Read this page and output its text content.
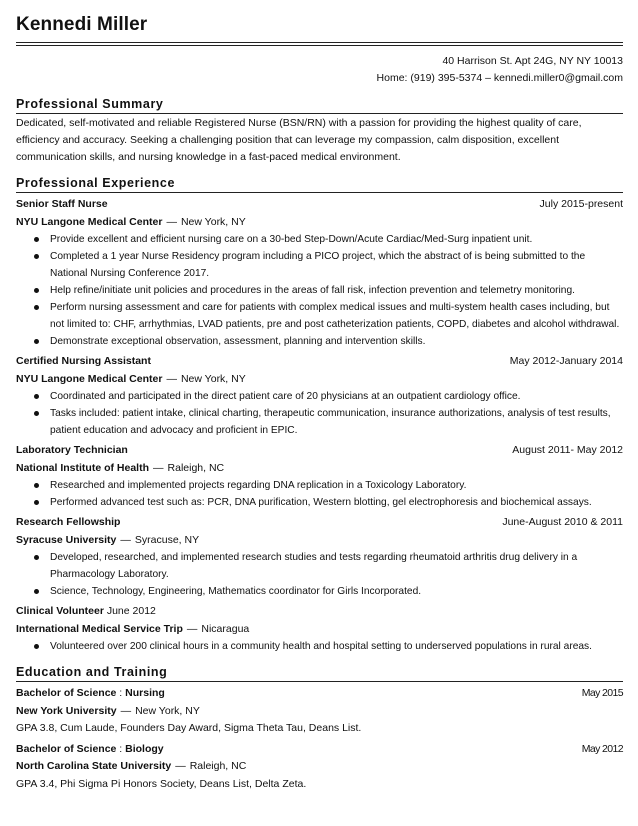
Kennedi Miller
40 Harrison St. Apt 24G, NY NY 10013
Home: (919) 395-5374 – kennedi.miller0@gmail.com
Professional Summary
Dedicated, self-motivated and reliable Registered Nurse (BSN/RN) with a passion for providing the highest quality of care, efficiency and accuracy. Seeking a challenging position that can leverage my compassion, calm disposition, excellent communication skills, and nursing knowledge in a fast-paced medical environment.
Professional Experience
Senior Staff Nurse	July 2015-present
NYU Langone Medical Center — New York, NY
Provide excellent and efficient nursing care on a 30-bed Step-Down/Acute Cardiac/Med-Surg inpatient unit.
Completed a 1 year Nurse Residency program including a PICO project, which the abstract of is being submitted to the National Nursing Conference 2017.
Help refine/initiate unit policies and procedures in the areas of fall risk, infection prevention and telemetry monitoring.
Perform nursing assessment and care for patients with complex medical issues and multi-system health cases including, but not limited to: CHF, arrhythmias, LVAD patients, pre and post catheterization patients, COPD, diabetes and alcohol withdrawal.
Demonstrate exceptional observation, assessment, planning and intervention skills.
Certified Nursing Assistant	May 2012-January 2014
NYU Langone Medical Center — New York, NY
Coordinated and participated in the direct patient care of 20 physicians at an outpatient cardiology office.
Tasks included: patient intake, clinical charting, therapeutic communication, insurance authorizations, analysis of test results, patient education and advocacy and proficient in EPIC.
Laboratory Technician	August 2011- May 2012
National Institute of Health — Raleigh, NC
Researched and implemented projects regarding DNA replication in a Toxicology Laboratory.
Performed advanced test such as: PCR, DNA purification, Western blotting, gel electrophoresis and biochemical assays.
Research Fellowship	June-August 2010 & 2011
Syracuse University — Syracuse, NY
Developed, researched, and implemented research studies and tests regarding rheumatoid arthritis drug delivery in a Pharmacology Laboratory.
Science, Technology, Engineering, Mathematics coordinator for Girls Incorporated.
Clinical Volunteer June 2012
International Medical Service Trip — Nicaragua
Volunteered over 200 clinical hours in a community health and hospital setting to underserved populations in rural areas.
Education and Training
Bachelor of Science : Nursing	May 2015
New York University — New York, NY
GPA 3.8, Cum Laude, Founders Day Award, Sigma Theta Tau, Deans List.
Bachelor of Science : Biology	May 2012
North Carolina State University — Raleigh, NC
GPA 3.4, Phi Sigma Pi Honors Society, Deans List, Delta Zeta.
